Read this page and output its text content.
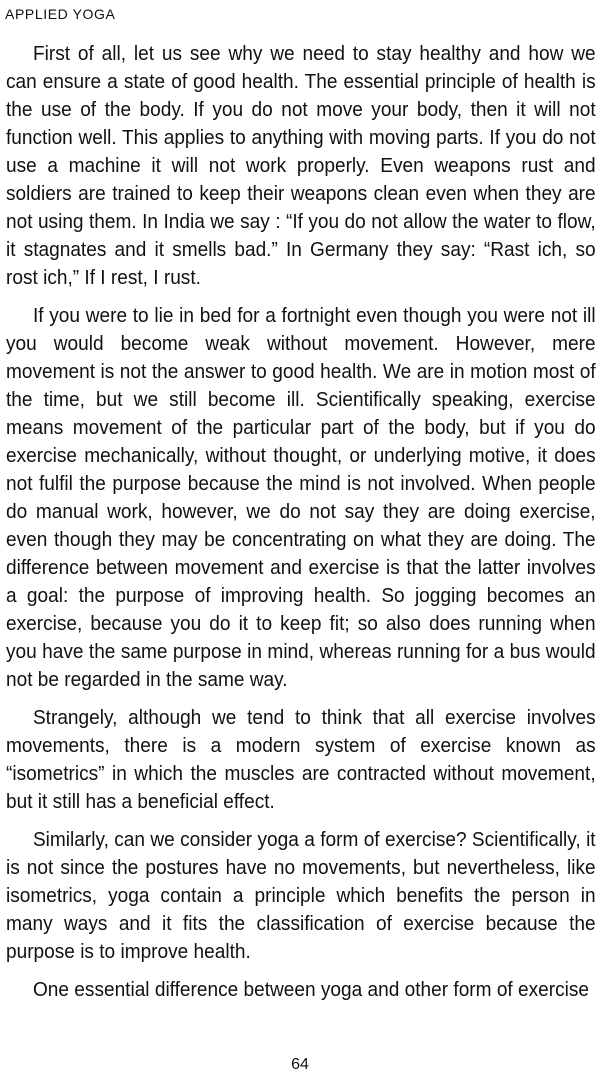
APPLIED YOGA

First of all, let us see why we need to stay healthy and how we can ensure a state of good health. The essential principle of health is the use of the body. If you do not move your body, then it will not function well. This applies to anything with moving parts. If you do not use a machine it will not work properly. Even weapons rust and soldiers are trained to keep their weapons clean even when they are not using them. In India we say : “If you do not allow the water to flow, it stagnates and it smells bad.” In Germany they say: “Rast ich, so rost ich,” If I rest, I rust.

If you were to lie in bed for a fortnight even though you were not ill you would become weak without movement. However, mere movement is not the answer to good health. We are in motion most of the time, but we still become ill. Scientifically speaking, exercise means movement of the particular part of the body, but if you do exercise mechanically, without thought, or underlying motive, it does not fulfil the purpose because the mind is not involved. When people do manual work, however, we do not say they are doing exercise, even though they may be concentrating on what they are doing. The difference between movement and exercise is that the latter involves a goal: the purpose of improving health. So jogging becomes an exercise, because you do it to keep fit; so also does running when you have the same purpose in mind, whereas running for a bus would not be regarded in the same way.

Strangely, although we tend to think that all exercise involves movements, there is a modern system of exercise known as “isometrics” in which the muscles are contracted without movement, but it still has a beneficial effect.

Similarly, can we consider yoga a form of exercise? Scientifically, it is not since the postures have no movements, but nevertheless, like isometrics, yoga contain a principle which benefits the person in many ways and it fits the classification of exercise because the purpose is to improve health.

One essential difference between yoga and other form of exercise

64
